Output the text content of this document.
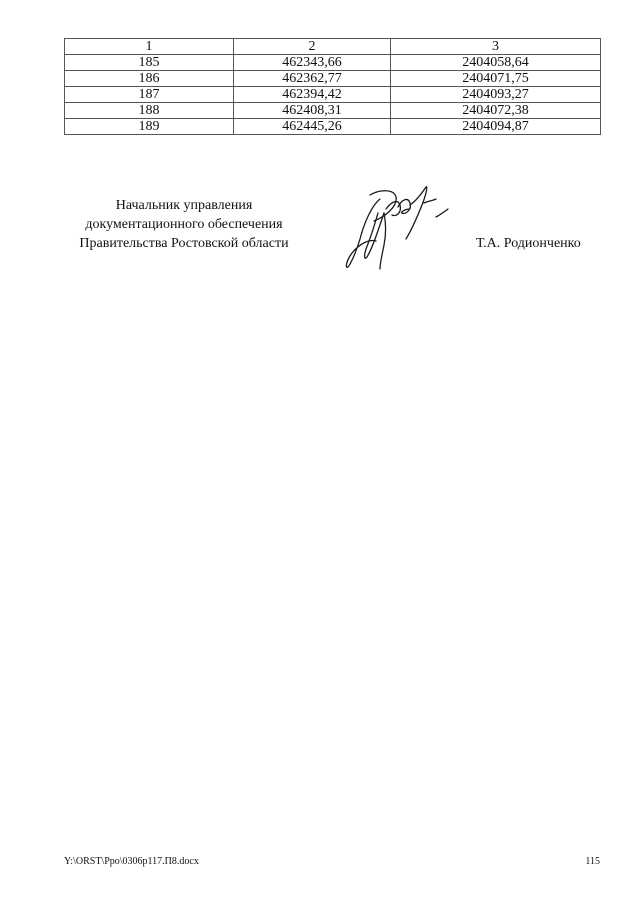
1	2	3
185	462343,66	2404058,64
186	462362,77	2404071,75
187	462394,42	2404093,27
188	462408,31	2404072,38
189	462445,26	2404094,87
Начальник управления
документационного обеспечения
Правительства Ростовской области	Т.А. Родионченко
Y:\ORST\Ppo\0306p117.П8.docx	115
